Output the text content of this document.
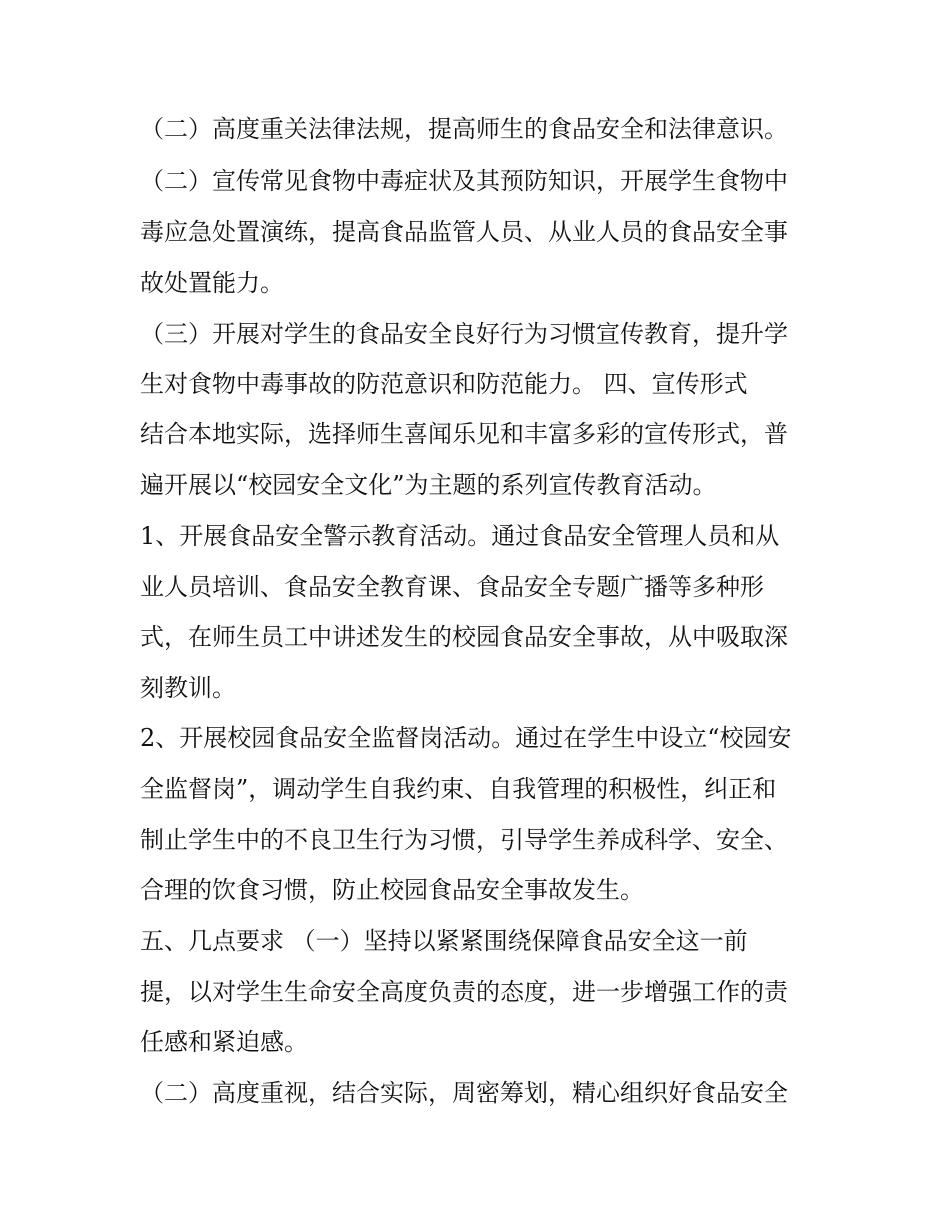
（二）高度重关法律法规，提高师生的食品安全和法律意识。
（二）宣传常见食物中毒症状及其预防知识，开展学生食物中
毒应急处置演练，提高食品监管人员、从业人员的食品安全事
故处置能力。
（三）开展对学生的食品安全良好行为习惯宣传教育，提升学
生对食物中毒事故的防范意识和防范能力。 四、宣传形式
结合本地实际，选择师生喜闻乐见和丰富多彩的宣传形式，普
遍开展以“校园安全文化”为主题的系列宣传教育活动。
1、开展食品安全警示教育活动。通过食品安全管理人员和从
业人员培训、食品安全教育课、食品安全专题广播等多种形
式，在师生员工中讲述发生的校园食品安全事故，从中吸取深
刻教训。
2、开展校园食品安全监督岗活动。通过在学生中设立“校园安
全监督岗”，调动学生自我约束、自我管理的积极性，纠正和
制止学生中的不良卫生行为习惯，引导学生养成科学、安全、
合理的饮食习惯，防止校园食品安全事故发生。
五、几点要求 （一）坚持以紧紧围绕保障食品安全这一前
提，以对学生生命安全高度负责的态度，进一步增强工作的责
任感和紧迫感。
（二）高度重视，结合实际，周密筹划，精心组织好食品安全
